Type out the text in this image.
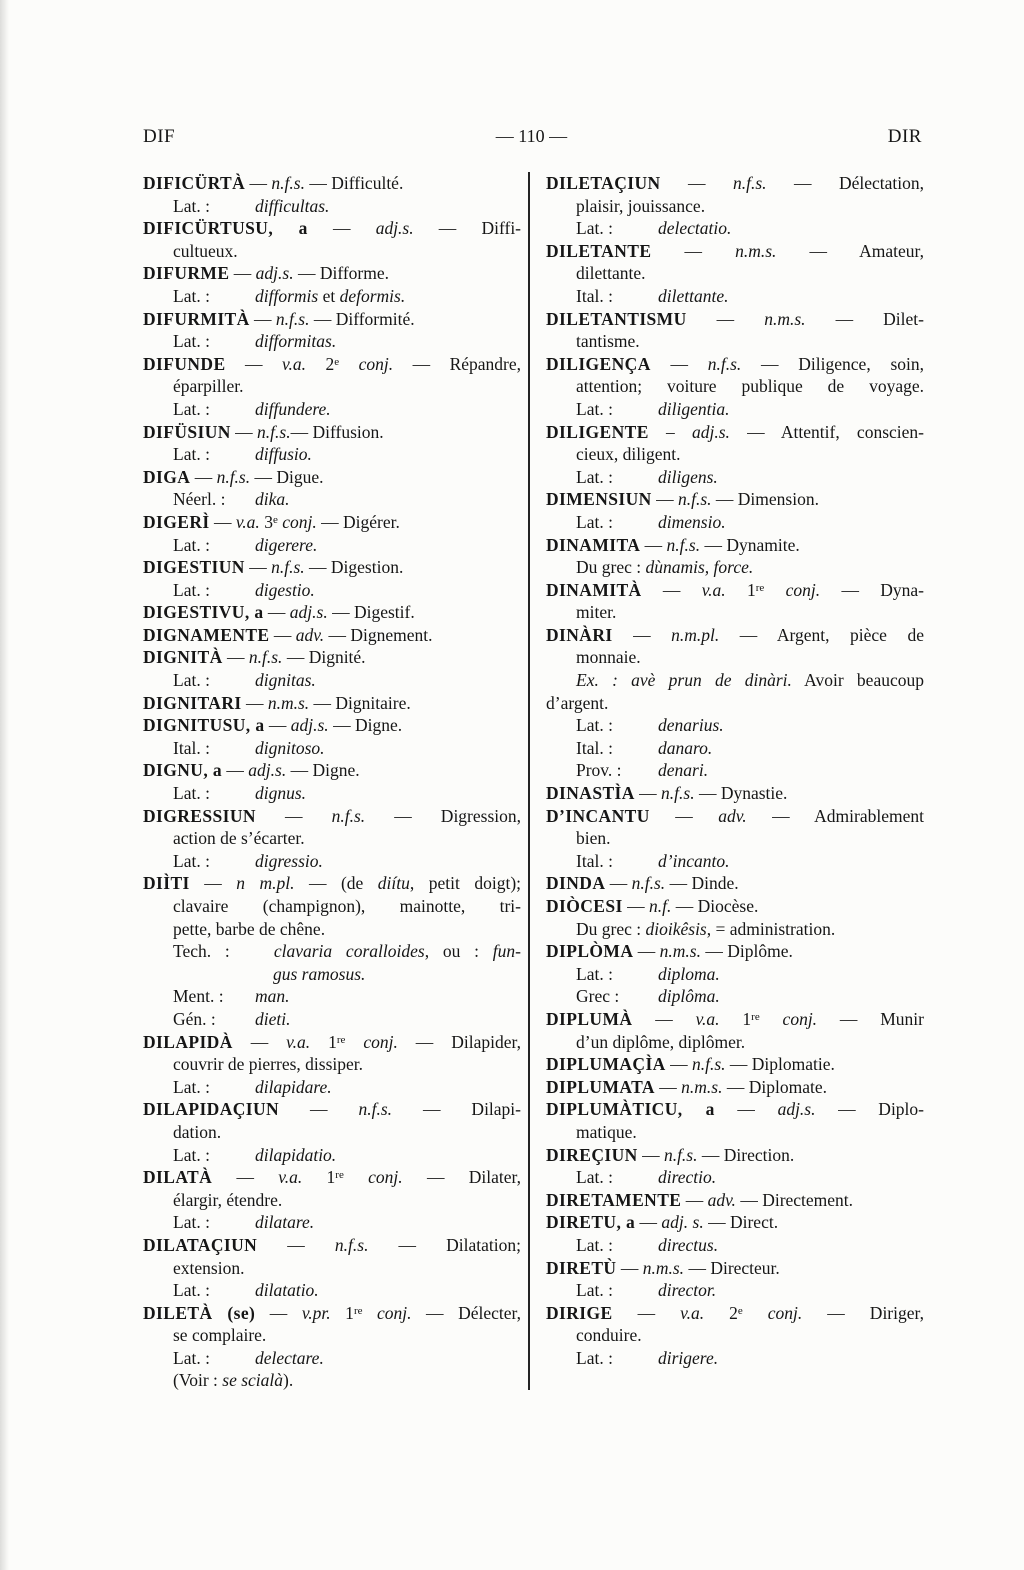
DIF	— 110 —	DIR
DIFICÜRTÀ — n.f.s. — Difficulté.
Lat. :	difficultas.
DIFICÜRTUSU, a — adj.s. — Diffi-
cultueux.
DIFURME — adj.s. — Difforme.
Lat. :	difformis et deformis.
DIFURMITÀ — n.f.s. — Difformité.
Lat. :	difformitas.
DIFUNDE — v.a. 2e conj. — Répandre,
éparpiller.
Lat. :	diffundere.
DIFÜSIUN — n.f.s.— Diffusion.
Lat. :	diffusio.
DIGA — n.f.s. — Digue.
Néerl. :	dika.
DIGERÌ — v.a. 3e conj. — Digérer.
Lat. :	digerere.
DIGESTIUN — n.f.s. — Digestion.
Lat. :	digestio.
DIGESTIVU, a — adj.s. — Digestif.
DIGNAMENTE — adv. — Dignement.
DIGNITÀ — n.f.s. — Dignité.
Lat. :	dignitas.
DIGNITARI — n.m.s. — Dignitaire.
DIGNITUSU, a — adj.s. — Digne.
Ital. :	dignitoso.
DIGNU, a — adj.s. — Digne.
Lat. :	dignus.
DIGRESSIUN — n.f.s. — Digression,
action de s’écarter.
Lat. :	digressio.
DIÌTI — n m.pl. — (de diítu, petit doigt);
clavaire (champignon), mainotte, tri-
pette, barbe de chêne.
Tech. :	clavaria coralloides, ou : fun-
gus ramosus.
Ment. :	man.
Gén. :	dieti.
DILAPIDÀ — v.a. 1re conj. — Dilapider,
couvrir de pierres, dissiper.
Lat. :	dilapidare.
DILAPIDAÇIUN — n.f.s. — Dilapi-
dation.
Lat. :	dilapidatio.
DILATÀ — v.a. 1re conj. — Dilater,
élargir, étendre.
Lat. :	dilatare.
DILATAÇIUN — n.f.s. — Dilatation;
extension.
Lat. :	dilatatio.
DILETÀ (se) — v.pr. 1re conj. — Délecter,
se complaire.
Lat. :	delectare.
(Voir : se scialà).
DILETAÇIUN — n.f.s. — Délectation,
plaisir, jouissance.
Lat. :	delectatio.
DILETANTE — n.m.s. — Amateur,
dilettante.
Ital. :	dilettante.
DILETANTISMU — n.m.s. — Dilet-
tantisme.
DILIGENÇA — n.f.s. — Diligence, soin,
attention; voiture publique de voyage.
Lat. :	diligentia.
DILIGENTE – adj.s. — Attentif, conscien-
cieux, diligent.
Lat. :	diligens.
DIMENSIUN — n.f.s. — Dimension.
Lat. :	dimensio.
DINAMITA — n.f.s. — Dynamite.
Du grec : dùnamis, force.
DINAMITÀ — v.a. 1re conj. — Dyna-
miter.
DINÀRI — n.m.pl. — Argent, pièce de
monnaie.
Ex. : avè prun de dinàri. Avoir beaucoup
d’argent.
Lat. :	denarius.
Ital. :	danaro.
Prov. :	denari.
DINASTÌA — n.f.s. — Dynastie.
D’INCANTU — adv. — Admirablement
bien.
Ital. :	d’incanto.
DINDA — n.f.s. — Dinde.
DIÒCESI — n.f. — Diocèse.
Du grec : dioikêsis, = administration.
DIPLÒMA — n.m.s. — Diplôme.
Lat. :	diploma.
Grec :	diplôma.
DIPLUMÀ — v.a. 1re conj. — Munir
d’un diplôme, diplômer.
DIPLUMAÇÌA — n.f.s. — Diplomatie.
DIPLUMATA — n.m.s. — Diplomate.
DIPLUMÀTICU, a — adj.s. — Diplo-
matique.
DIREÇIUN — n.f.s. — Direction.
Lat. :	directio.
DIRETAMENTE — adv. — Directement.
DIRETU, a — adj. s. — Direct.
Lat. :	directus.
DIRETÙ — n.m.s. — Directeur.
Lat. :	director.
DIRIGE — v.a. 2e conj. — Diriger,
conduire.
Lat. :	dirigere.
